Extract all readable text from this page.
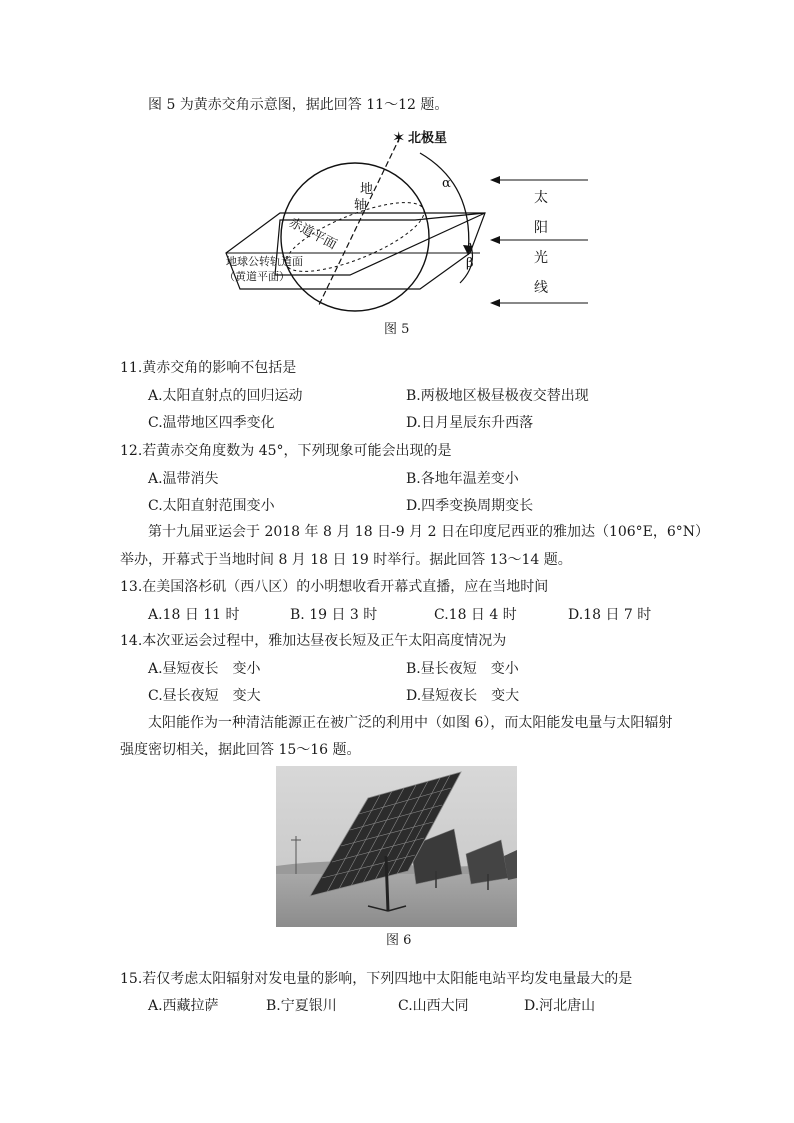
图 5 为黄赤交角示意图，据此回答 11～12 题。
✶ 北极星
α
β
地
轴
赤道平面
地球公转轨道面
（黄道平面）
太
阳
光
线
图 5
11.黄赤交角的影响不包括是
A.太阳直射点的回归运动	B.两极地区极昼极夜交替出现
C.温带地区四季变化	D.日月星辰东升西落
12.若黄赤交角度数为 45°，下列现象可能会出现的是
A.温带消失	B.各地年温差变小
C.太阳直射范围变小	D.四季变换周期变长
第十九届亚运会于 2018 年 8 月 18 日-9 月 2 日在印度尼西亚的雅加达（106°E，6°N）
举办，开幕式于当地时间 8 月 18 日 19 时举行。据此回答 13～14 题。
13.在美国洛杉矶（西八区）的小明想收看开幕式直播，应在当地时间
A.18 日 11 时	B. 19 日 3 时	C.18 日 4 时	D.18 日 7 时
14.本次亚运会过程中，雅加达昼夜长短及正午太阳高度情况为
A.昼短夜长　变小	B.昼长夜短　变小
C.昼长夜短　变大	D.昼短夜长　变大
太阳能作为一种清洁能源正在被广泛的利用中（如图 6），而太阳能发电量与太阳辐射
强度密切相关，据此回答 15～16 题。
图 6
15.若仅考虑太阳辐射对发电量的影响，下列四地中太阳能电站平均发电量最大的是
A.西藏拉萨	B.宁夏银川	C.山西大同	D.河北唐山
